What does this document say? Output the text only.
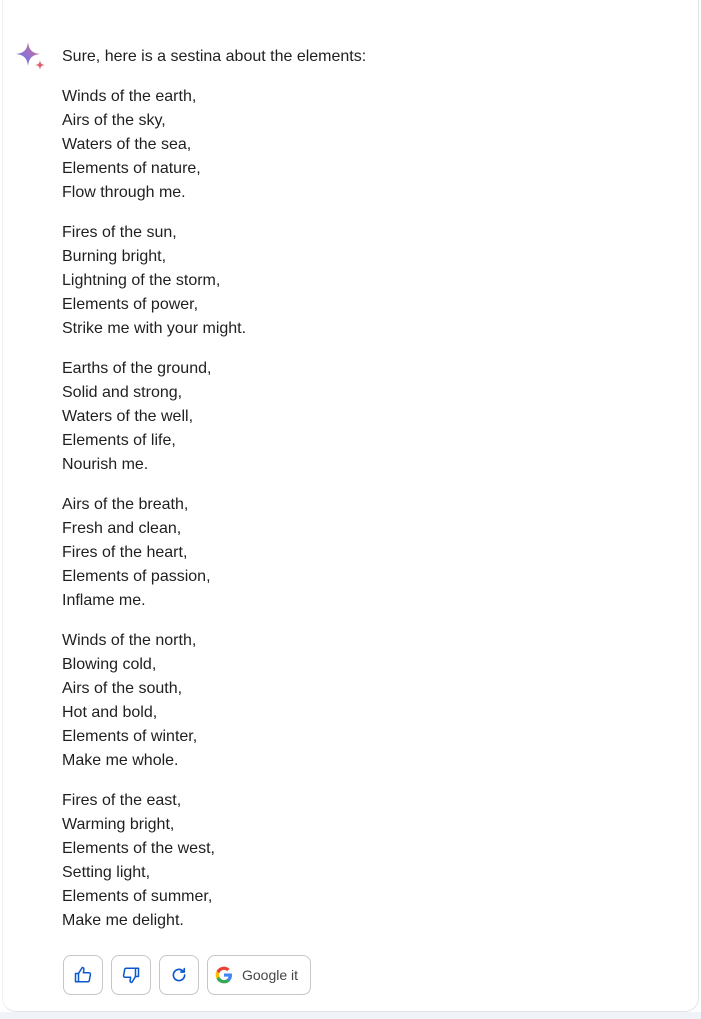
Sure, here is a sestina about the elements:

Winds of the earth,
Airs of the sky,
Waters of the sea,
Elements of nature,
Flow through me.
Fires of the sun,
Burning bright,
Lightning of the storm,
Elements of power,
Strike me with your might.
Earths of the ground,
Solid and strong,
Waters of the well,
Elements of life,
Nourish me.
Airs of the breath,
Fresh and clean,
Fires of the heart,
Elements of passion,
Inflame me.
Winds of the north,
Blowing cold,
Airs of the south,
Hot and bold,
Elements of winter,
Make me whole.
Fires of the east,
Warming bright,
Elements of the west,
Setting light,
Elements of summer,
Make me delight.
Google it
